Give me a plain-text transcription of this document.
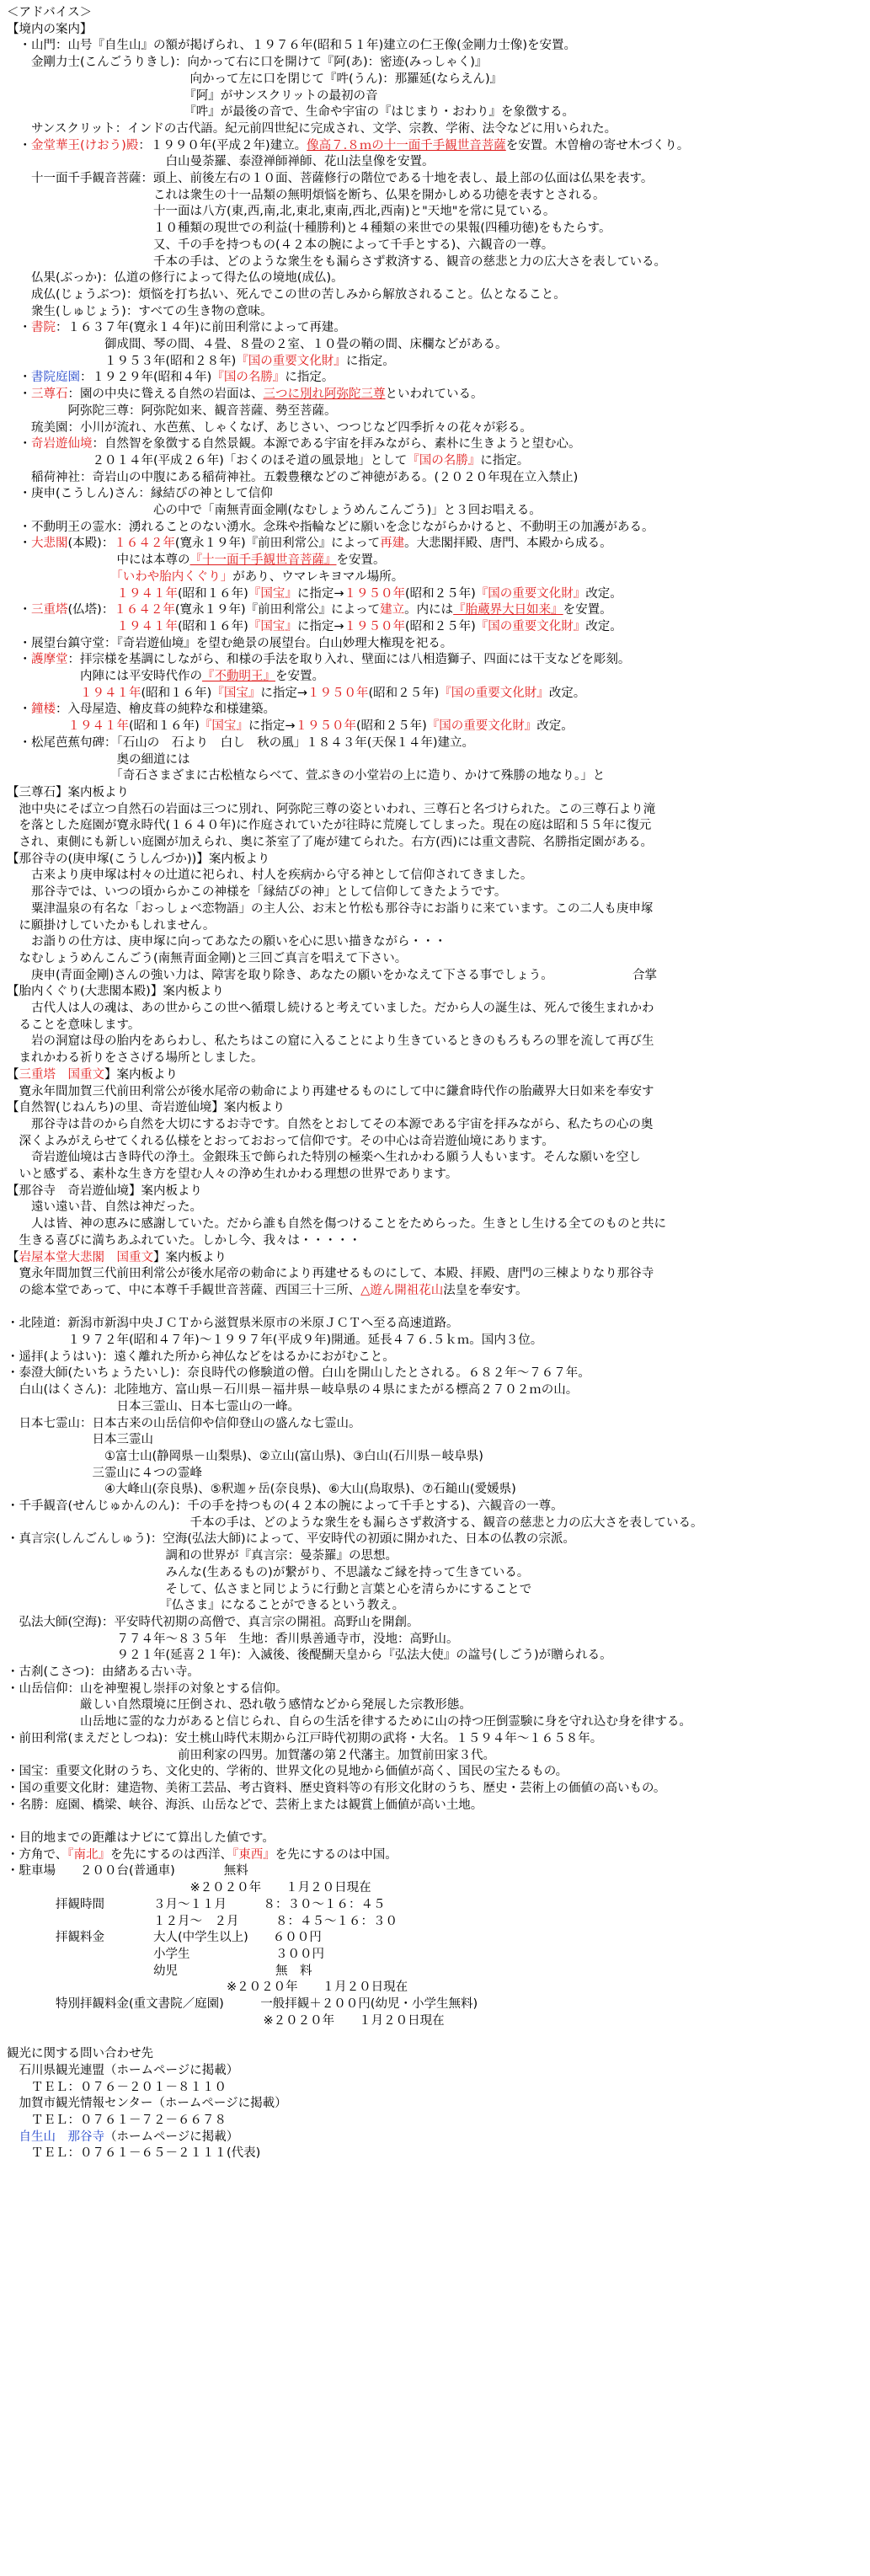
＜アドバイス＞
【境内の案内】
　・山門：山号『自生山』の額が掲げられ、１９７６年(昭和５１年)建立の仁王像(金剛力士像)を安置。
　　金剛力士(こんごうりきし)：向かって右に口を開けて『阿(あ)：密迹(みっしゃく)』
　　　　　　　　　　　　　　　向かって左に口を閉じて『吽(うん)：那羅延(ならえん)』
　　　　　　　　　　　　　　　『阿』がサンスクリットの最初の音
　　　　　　　　　　　　　　　『吽』が最後の音で、生命や宇宙の『はじまり・おわり』を象徴する。
　　サンスクリット：インドの古代語。紀元前四世紀に完成され、文学、宗教、学術、法令などに用いられた。
　・金堂華王(けおう)殿：１９９０年(平成２年)建立。像高７.８ｍの十一面千手観世音菩薩を安置。木曽檜の寄せ木づくり。
　　　　　　　　　　　　　白山曼荼羅、泰澄禅師禅師、花山法皇像を安置。
　　十一面千手観音菩薩：頭上、前後左右の１０面、菩薩修行の階位である十地を表し、最上部の仏面は仏果を表す。
　　　　　　　　　　　　これは衆生の十一品類の無明煩悩を断ち、仏果を開かしめる功徳を表すとされる。
　　　　　　　　　　　　十一面は八方(東,西,南,北,東北,東南,西北,西南)と"天地"を常に見ている。
　　　　　　　　　　　　１０種類の現世での利益(十種勝利)と４種類の来世での果報(四種功徳)をもたらす。
　　　　　　　　　　　　又、千の手を持つもの(４２本の腕によって千手とする)、六観音の一尊。
　　　　　　　　　　　　千本の手は、どのような衆生をも漏らさず救済する、観音の慈悲と力の広大さを表している。
　　仏果(ぶっか)：仏道の修行によって得た仏の境地(成仏)。
　　成仏(じょうぶつ)：煩悩を打ち払い、死んでこの世の苦しみから解放されること。仏となること。
　　衆生(しゅじょう)：すべての生き物の意味。
　・書院：１６３７年(寛永１４年)に前田利常によって再建。
　　　　　　　　御成間、琴の間、４畳、８畳の２室、１０畳の鞘の間、床欄などがある。
　　　　　　　　１９５３年(昭和２８年)『国の重要文化財』に指定。
　・書院庭園：１９２９年(昭和４年)『国の名勝』に指定。
　・三尊石：園の中央に聳える自然の岩面は、三つに別れ阿弥陀三尊といわれている。
　　　　　阿弥陀三尊：阿弥陀如来、観音菩薩、勢至菩薩。
　　琉美園：小川が流れ、水芭蕉、しゃくなげ、あじさい、つつじなど四季折々の花々が彩る。
　・奇岩遊仙境：自然智を象徴する自然景観。本源である宇宙を拝みながら、素朴に生きようと望む心。
　　　　　　　２０１４年(平成２６年)「おくのほそ道の風景地」として『国の名勝』に指定。
　　稲荷神社：奇岩山の中腹にある稲荷神社。五穀豊穣などのご神徳がある。(２０２０年現在立入禁止)
　・庚申(こうしん)さん：縁結びの神として信仰
　　　　　　　　　　　　心の中で「南無青面金剛(なむしょうめんこんごう)」と３回お唱える。
　・不動明王の霊水：湧れることのない湧水。念珠や指輪などに願いを念じながらかけると、不動明王の加護がある。
　・大悲閣(本殿)：１６４２年(寛永１９年)『前田利常公』によって再建。大悲閣拝殿、唐門、本殿から成る。
　　　　　　　　　中には本尊の『十一面千手観世音菩薩』を安置。
　　　　　　　　　「いわや胎内くぐり」があり、ウマレキヨマル場所。
　　　　　　　　　１９４１年(昭和１６年)『国宝』に指定→１９５０年(昭和２５年)『国の重要文化財』改定。
　・三重塔(仏塔)：１６４２年(寛永１９年)『前田利常公』によって建立。内には『胎蔵界大日如来』を安置。
　　　　　　　　　１９４１年(昭和１６年)『国宝』に指定→１９５０年(昭和２５年)『国の重要文化財』改定。
　・展望台鎮守堂：『奇岩遊仙境』を望む絶景の展望台。白山妙理大権現を祀る。
　・護摩堂：拝宗様を基調にしながら、和様の手法を取り入れ、壁面には八相造獅子、四面には干支などを彫刻。
　　　　　　内陣には平安時代作の『不動明王』を安置。
　　　　　　１９４１年(昭和１６年)『国宝』に指定→１９５０年(昭和２５年)『国の重要文化財』改定。
　・鐘楼：入母屋造、檜皮葺の純粋な和様建築。
　　　　　１９４１年(昭和１６年)『国宝』に指定→１９５０年(昭和２５年)『国の重要文化財』改定。
　・松尾芭蕉句碑：「石山の　石より　白し　秋の風」１８４３年(天保１４年)建立。
　　　　　　　　　奥の細道には
　　　　　　　　　「奇石さまざまに古松植ならべて、萱ぶきの小堂岩の上に造り、かけて殊勝の地なり。」と
【三尊石】案内板より
　池中央にそば立つ自然石の岩面は三つに別れ、阿弥陀三尊の姿といわれ、三尊石と名づけられた。この三尊石より滝
　を落とした庭園が寛永時代(１６４０年)に作庭されていたが往時に荒廃してしまった。現在の庭は昭和５５年に復元
　され、東側にも新しい庭園が加えられ、奥に茶室了了庵が建てられた。右方(西)には重文書院、名勝指定園がある。
【那谷寺の(庚申塚(こうしんづか))】案内板より
　　古来より庚申塚は村々の辻道に祀られ、村人を疾病から守る神として信仰されてきました。
　　那谷寺では、いつの頃からかこの神様を「縁結びの神」として信仰してきたようです。
　　粟津温泉の有名な「おっしょべ恋物語」の主人公、お末と竹松も那谷寺にお詣りに来ています。この二人も庚申塚
　に願掛けしていたかもしれません。
　　お詣りの仕方は、庚申塚に向ってあなたの願いを心に思い描きながら・・・
　なむしょうめんこんごう(南無青面金剛)と三回ご真言を唱えて下さい。
　　庚申(青面金剛)さんの強い力は、障害を取り除き、あなたの願いをかなえて下さる事でしょう。　　　　　　　合掌
【胎内くぐり(大悲閣本殿)】案内板より
　　古代人は人の魂は、あの世からこの世へ循環し続けると考えていました。だから人の誕生は、死んで後生まれかわ
　ることを意味します。
　　岩の洞窟は母の胎内をあらわし、私たちはこの窟に入ることにより生きているときのもろもろの罪を流して再び生
　まれかわる祈りをささげる場所としました。
【三重塔　国重文】案内板より
　寛永年間加賀三代前田利常公が後水尾帝の勅命により再建せるものにして中に鎌倉時代作の胎蔵界大日如来を奉安す
【自然智(じねんち)の里、奇岩遊仙境】案内板より
　　那谷寺は昔のから自然を大切にするお寺です。自然をとおしてその本源である宇宙を拝みながら、私たちの心の奥
　深くよみがえらせてくれる仏様をとおっておおって信仰です。その中心は奇岩遊仙境にあります。
　　奇岩遊仙境は古き時代の浄土。金銀珠玉で飾られた特別の極楽へ生れかわる願う人もいます。そんな願いを空し
　いと感ずる、素朴な生き方を望む人々の浄め生れかわる理想の世界であります。
【那谷寺　奇岩遊仙境】案内板より
　　遠い遠い昔、自然は神だった。
　　人は皆、神の恵みに感謝していた。だから誰も自然を傷つけることをためらった。生きとし生ける全てのものと共に
　生きる喜びに満ちあふれていた。しかし今、我々は・・・・・
【岩屋本堂大悲閣　国重文】案内板より
　寛永年間加賀三代前田利常公が後水尾帝の勅命により再建せるものにして、本殿、拝殿、唐門の三棟よりなり那谷寺
　の総本堂であって、中に本尊千手観世音菩薩、西国三十三所、△遊ん開祖花山法皇を奉安す。
・北陸道：新潟市新潟中央ＪＣＴから滋賀県米原市の米原ＪＣＴへ至る高速道路。
　　　　　１９７２年(昭和４７年)～１９９７年(平成９年)開通。延長４７６.５ｋｍ。国内３位。
・遥拝(ようはい)：遠く離れた所から神仏などをはるかにおがむこと。
・泰澄大師(たいちょうたいし)：奈良時代の修験道の僧。白山を開山したとされる。６８２年～７６７年。
　白山(はくさん)：北陸地方、富山県－石川県－福井県－岐阜県の４県にまたがる標高２７０２ｍの山。
　　　　　　　　　日本三霊山、日本七霊山の一峰。
　日本七霊山：日本古来の山岳信仰や信仰登山の盛んな七霊山。
　　　　　　　日本三霊山
　　　　　　　　①富士山(静岡県－山梨県)、②立山(富山県)、③白山(石川県－岐阜県)
　　　　　　　三霊山に４つの霊峰
　　　　　　　　④大峰山(奈良県)、⑤釈迦ヶ岳(奈良県)、⑥大山(鳥取県)、⑦石鎚山(愛媛県)
・千手観音(せんじゅかんのん)：千の手を持つもの(４２本の腕によって千手とする)、六観音の一尊。
　　　　　　　　　　　　　　　千本の手は、どのような衆生をも漏らさず救済する、観音の慈悲と力の広大さを表している。
・真言宗(しんごんしゅう)：空海(弘法大師)によって、平安時代の初頭に開かれた、日本の仏教の宗派。
　　　　　　　　　　　　　調和の世界が『真言宗：曼荼羅』の思想。
　　　　　　　　　　　　　みんな(生あるもの)が繋がり、不思議なご縁を持って生きている。
　　　　　　　　　　　　　そして、仏さまと同じように行動と言葉と心を清らかにすることで
　　　　　　　　　　　　　『仏さま』になることができるという教え。
　弘法大師(空海)：平安時代初期の高僧で、真言宗の開祖。高野山を開創。
　　　　　　　　　７７４年～８３５年　生地：香川県善通寺市，没地：高野山。
　　　　　　　　　９２１年(延喜２１年)：入滅後、後醍醐天皇から『弘法大使』の諡号(しごう)が贈られる。
・古刹(こさつ)：由緒ある古い寺。
・山岳信仰：山を神聖視し崇拝の対象とする信仰。
　　　　　　厳しい自然環境に圧倒され、恐れ敬う感情などから発展した宗教形態。
　　　　　　山岳地に霊的な力があると信じられ、自らの生活を律するために山の持つ圧倒霊験に身を守れ込む身を律する。
・前田利常(まえだとしつね)：安土桃山時代末期から江戸時代初期の武将・大名。１５９４年～１６５８年。
　　　　　　　　　　　　　　前田利家の四男。加賀藩の第２代藩主。加賀前田家３代。
・国宝：重要文化財のうち、文化史的、学術的、世界文化の見地から価値が高く、国民の宝たるもの。
・国の重要文化財：建造物、美術工芸品、考古資料、歴史資料等の有形文化財のうち、歴史・芸術上の価値の高いもの。
・名勝：庭園、橋梁、峡谷、海浜、山岳などで、芸術上または観賞上価値が高い土地。
・目的地までの距離はナビにて算出した値です。
・方角で、『南北』を先にするのは西洋、『東西』を先にするのは中国。
・駐車場　　２００台(普通車)　　　　無料
　　　　　　　　　　　　　　　※２０２０年　　１月２０日現在
　　　　拝観時間　　　　３月～１１月　　　８：３０～１６：４５
　　　　　　　　　　　　１２月～　２月　　　８：４５～１６：３０
　　　　拝観料金　　　　大人(中学生以上)　　６００円
　　　　　　　　　　　　小学生　　　　　　　３００円
　　　　　　　　　　　　幼児　　　　　　　　無　料
　　　　　　　　　　　　　　　　　　※２０２０年　　１月２０日現在
　　　　特別拝観料金(重文書院／庭園)　　　一般拝観＋２００円(幼児・小学生無料)
　　　　　　　　　　　　　　　　　　　　　※２０２０年　　１月２０日現在
観光に関する問い合わせ先
　石川県観光連盟（ホームページに掲載）
　　ＴＥＬ：０７６－２０１－８１１０
　加賀市観光情報センター（ホームページに掲載）
　　ＴＥＬ：０７６１－７２－６６７８
　自生山　那谷寺（ホームページに掲載）
　　ＴＥＬ：０７６１－６５－２１１１(代表)
